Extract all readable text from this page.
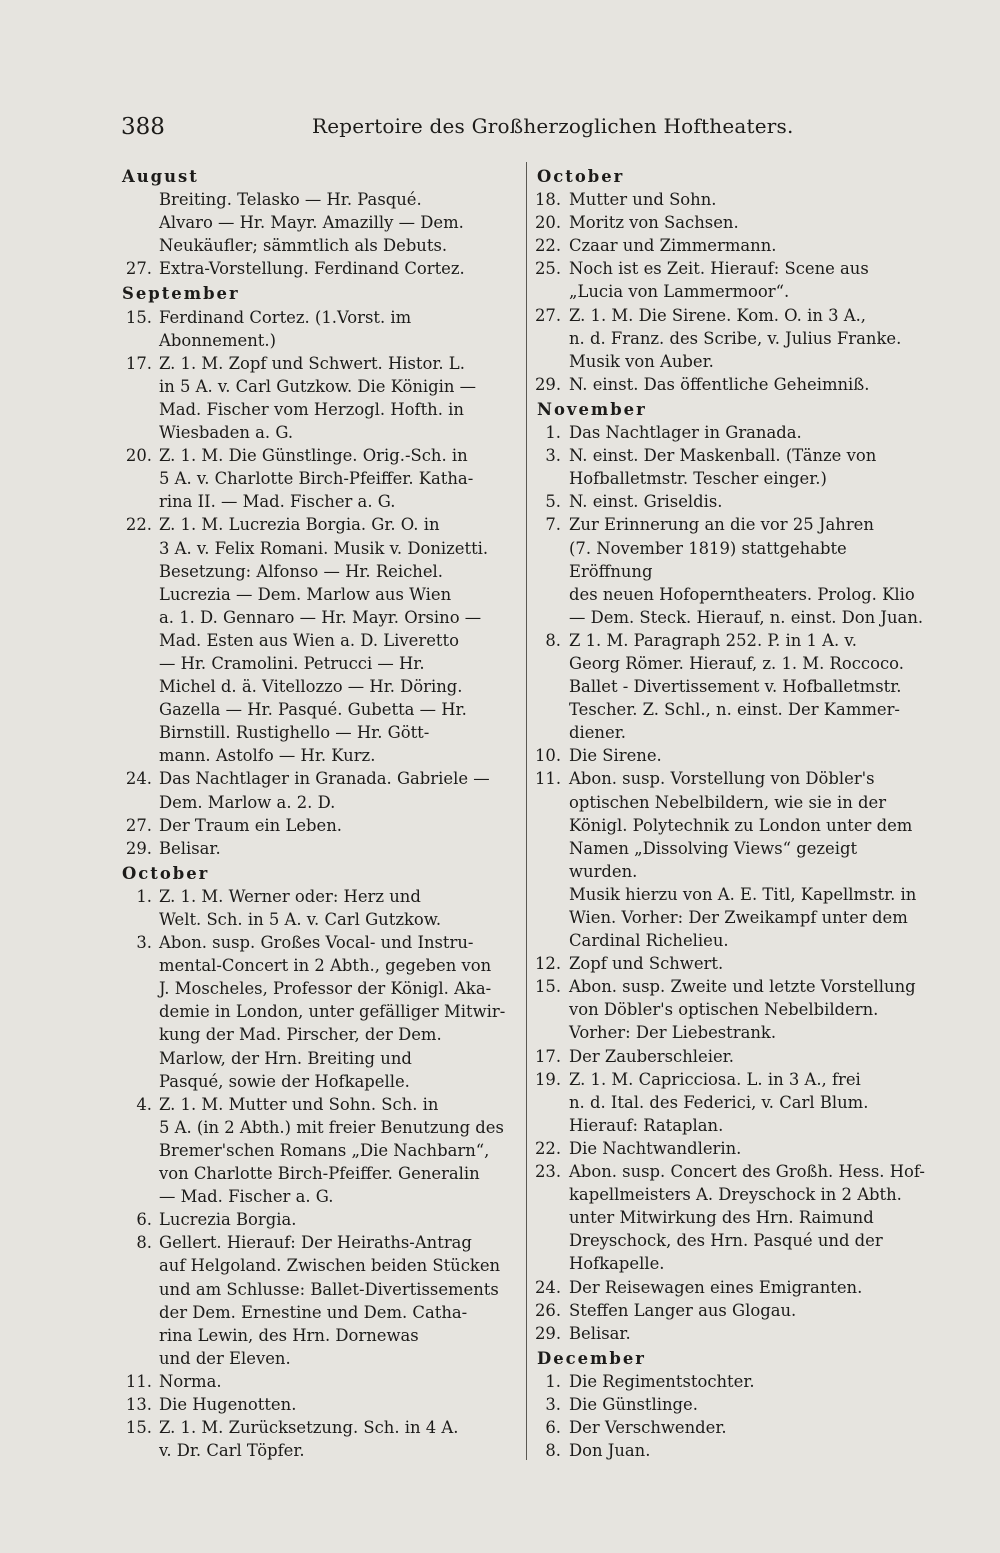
388	Repertoire des Großherzoglichen Hoftheaters.
August
Breiting. Telasko — Hr. Pasqué.
Alvaro — Hr. Mayr. Amazilly — Dem.
Neukäufler; sämmtlich als Debuts.
27. Extra-Vorstellung. Ferdinand Cortez.
September
15. Ferdinand Cortez. (1.Vorst. im Abonnement.)
17. Z. 1. M. Zopf und Schwert. Histor. L.
in 5 A. v. Carl Gutzkow. Die Königin —
Mad. Fischer vom Herzogl. Hofth. in
Wiesbaden a. G.
20. Z. 1. M. Die Günstlinge. Orig.-Sch. in
5 A. v. Charlotte Birch-Pfeiffer. Katha-
rina II. — Mad. Fischer a. G.
22. Z. 1. M. Lucrezia Borgia. Gr. O. in
3 A. v. Felix Romani. Musik v. Donizetti.
Besetzung: Alfonso — Hr. Reichel.
Lucrezia — Dem. Marlow aus Wien
a. 1. D. Gennaro — Hr. Mayr. Orsino —
Mad. Esten aus Wien a. D. Liveretto
— Hr. Cramolini. Petrucci — Hr.
Michel d. ä. Vitellozzo — Hr. Döring.
Gazella — Hr. Pasqué. Gubetta — Hr.
Birnstill. Rustighello — Hr. Gött-
mann. Astolfo — Hr. Kurz.
24. Das Nachtlager in Granada. Gabriele —
Dem. Marlow a. 2. D.
27. Der Traum ein Leben.
29. Belisar.
October
1. Z. 1. M. Werner oder: Herz und
Welt. Sch. in 5 A. v. Carl Gutzkow.
3. Abon. susp. Großes Vocal- und Instru-
mental-Concert in 2 Abth., gegeben von
J. Moscheles, Professor der Königl. Aka-
demie in London, unter gefälliger Mitwir-
kung der Mad. Pirscher, der Dem.
Marlow, der Hrn. Breiting und
Pasqué, sowie der Hofkapelle.
4. Z. 1. M. Mutter und Sohn. Sch. in
5 A. (in 2 Abth.) mit freier Benutzung des
Bremer'schen Romans „Die Nachbarn“,
von Charlotte Birch-Pfeiffer. Generalin
— Mad. Fischer a. G.
6. Lucrezia Borgia.
8. Gellert. Hierauf: Der Heiraths-Antrag
auf Helgoland. Zwischen beiden Stücken
und am Schlusse: Ballet-Divertissements
der Dem. Ernestine und Dem. Catha-
rina Lewin, des Hrn. Dornewas
und der Eleven.
11. Norma.
13. Die Hugenotten.
15. Z. 1. M. Zurücksetzung. Sch. in 4 A.
v. Dr. Carl Töpfer.
October
18. Mutter und Sohn.
20. Moritz von Sachsen.
22. Czaar und Zimmermann.
25. Noch ist es Zeit. Hierauf: Scene aus
„Lucia von Lammermoor“.
27. Z. 1. M. Die Sirene. Kom. O. in 3 A.,
n. d. Franz. des Scribe, v. Julius Franke.
Musik von Auber.
29. N. einst. Das öffentliche Geheimniß.
November
1. Das Nachtlager in Granada.
3. N. einst. Der Maskenball. (Tänze von
Hofballetmstr. Tescher einger.)
5. N. einst. Griseldis.
7. Zur Erinnerung an die vor 25 Jahren
(7. November 1819) stattgehabte Eröffnung
des neuen Hofoperntheaters. Prolog. Klio
— Dem. Steck. Hierauf, n. einst. Don Juan.
8. Z 1. M. Paragraph 252. P. in 1 A. v.
Georg Römer. Hierauf, z. 1. M. Roccoco.
Ballet - Divertissement v. Hofballetmstr.
Tescher. Z. Schl., n. einst. Der Kammer-
diener.
10. Die Sirene.
11. Abon. susp. Vorstellung von Döbler's
optischen Nebelbildern, wie sie in der
Königl. Polytechnik zu London unter dem
Namen „Dissolving Views“ gezeigt wurden.
Musik hierzu von A. E. Titl, Kapellmstr. in
Wien. Vorher: Der Zweikampf unter dem
Cardinal Richelieu.
12. Zopf und Schwert.
15. Abon. susp. Zweite und letzte Vorstellung
von Döbler's optischen Nebelbildern.
Vorher: Der Liebestrank.
17. Der Zauberschleier.
19. Z. 1. M. Capricciosa. L. in 3 A., frei
n. d. Ital. des Federici, v. Carl Blum.
Hierauf: Rataplan.
22. Die Nachtwandlerin.
23. Abon. susp. Concert des Großh. Hess. Hof-
kapellmeisters A. Dreyschock in 2 Abth.
unter Mitwirkung des Hrn. Raimund
Dreyschock, des Hrn. Pasqué und der
Hofkapelle.
24. Der Reisewagen eines Emigranten.
26. Steffen Langer aus Glogau.
29. Belisar.
December
1. Die Regimentstochter.
3. Die Günstlinge.
6. Der Verschwender.
8. Don Juan.
